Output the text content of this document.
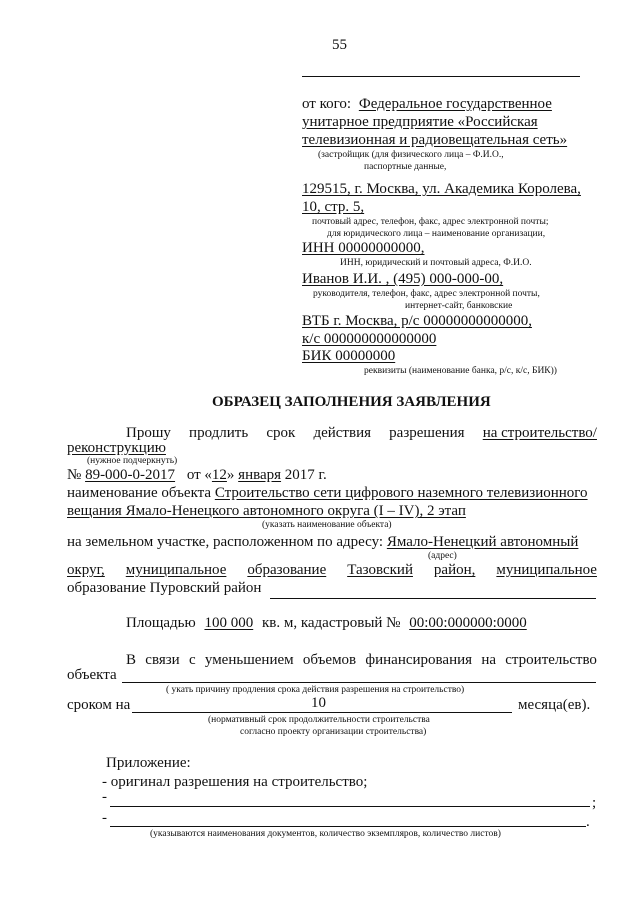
55
от кого: Федеральное государственное
унитарное предприятие «Российская
телевизионная и радиовещательная сеть»
(застройщик (для физического лица – Ф.И.О.,
паспортные данные,
129515, г. Москва, ул. Академика Королева,
10, стр. 5,
почтовый адрес, телефон, факс, адрес электронной почты;
для юридического лица – наименование организации,
ИНН 00000000000,
ИНН, юридический и почтовый адреса, Ф.И.О.
Иванов И.И. , (495) 000-000-00,
руководителя, телефон, факс, адрес электронной почты,
интернет-сайт, банковские
ВТБ г. Москва, р/с 00000000000000,
к/с 000000000000000
БИК 00000000
реквизиты (наименование банка, р/с, к/с, БИК))
ОБРАЗЕЦ ЗАПОЛНЕНИЯ ЗАЯВЛЕНИЯ
Прошу продлить срок действия разрешения на строительство/
реконструкцию
(нужное подчеркнуть)
№ 89-000-0-2017 от «12» января 2017 г.
наименование объекта Строительство сети цифрового наземного телевизионного
вещания Ямало-Ненецкого автономного округа (I – IV), 2 этап
(указать наименование объекта)
на земельном участке, расположенном по адресу: Ямало-Ненецкий автономный
(адрес)
округ, муниципальное образование Тазовский район, муниципальное
образование Пуровский район
Площадью 100 000 кв. м, кадастровый № 00:00:000000:0000
В связи с уменьшением объемов финансирования на строительство
объекта
( укать причину продления срока действия разрешения на строительство)
сроком на	10	месяца(ев).
(нормативный срок продолжительности строительства
согласно проекту организации строительства)
Приложение:
- оригинал разрешения на строительство;
-	;
-	.
(указываются наименования документов, количество экземпляров, количество листов)
